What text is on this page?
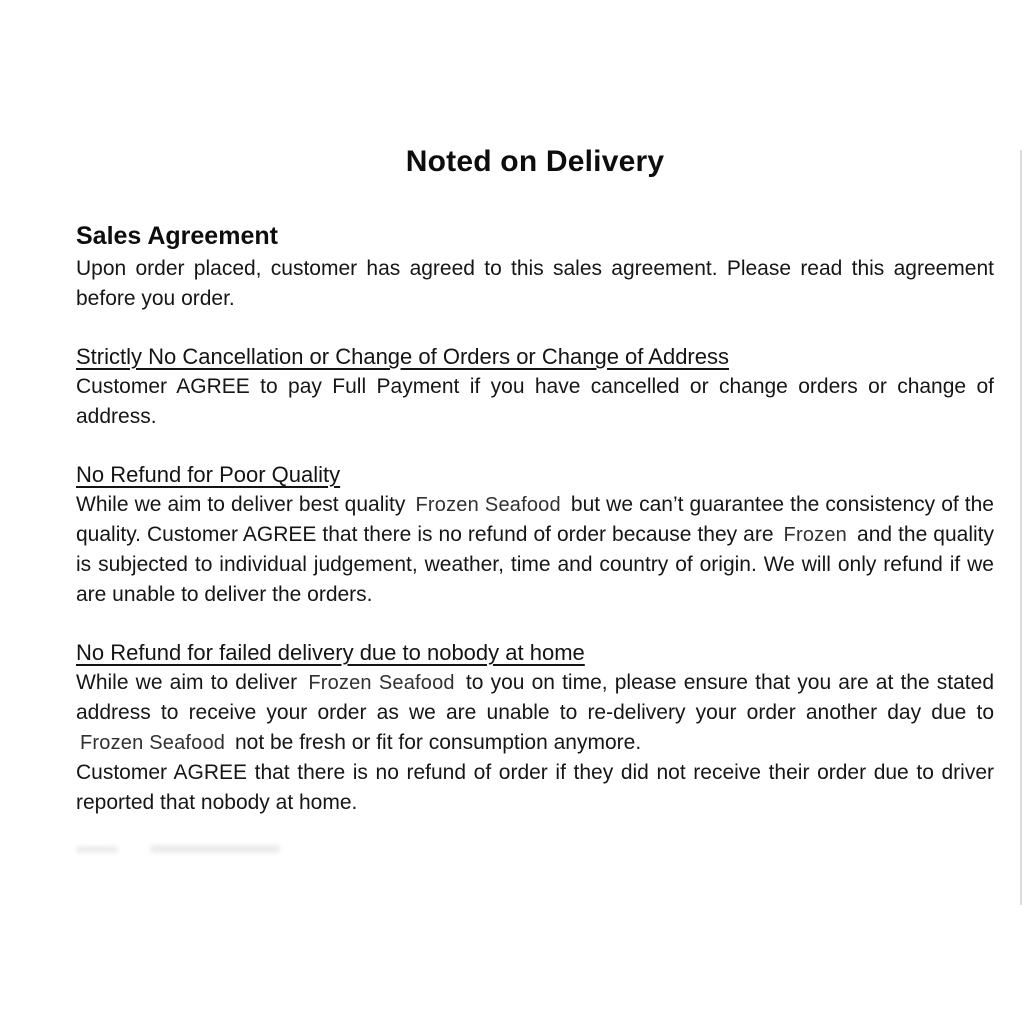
Noted on Delivery
Sales Agreement

Upon order placed, customer has agreed to this sales agreement. Please read this agreement before you order.

Strictly No Cancellation or Change of Orders or Change of Address

Customer AGREE to pay Full Payment if you have cancelled or change orders or change of address.

No Refund for Poor Quality

While we aim to deliver best quality Frozen Seafood but we can’t guarantee the consistency of the quality. Customer AGREE that there is no refund of order because they are Frozen and the quality is subjected to individual judgement, weather, time and country of origin. We will only refund if we are unable to deliver the orders.

No Refund for failed delivery due to nobody at home

While we aim to deliver Frozen Seafood to you on time, please ensure that you are at the stated address to receive your order as we are unable to re-delivery your order another day due to Frozen Seafood not be fresh or fit for consumption anymore.

Customer AGREE that there is no refund of order if they did not receive their order due to driver reported that nobody at home.
